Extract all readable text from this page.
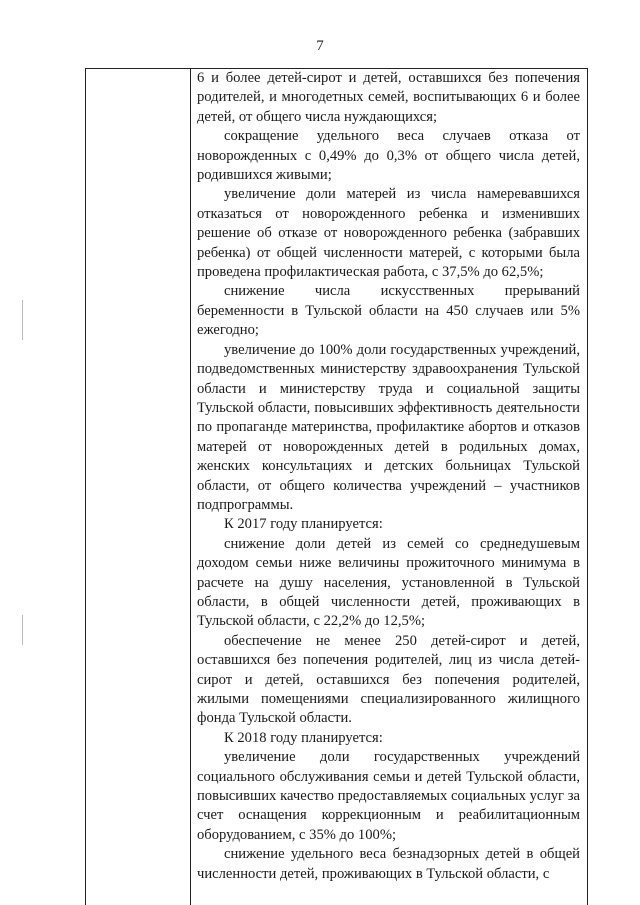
7

6 и более детей-сирот и детей, оставшихся без попечения родителей, и многодетных семей, воспитывающих 6 и более детей, от общего числа нуждающихся;

сокращение удельного веса случаев отказа от новорожденных с 0,49% до 0,3% от общего числа детей, родившихся живыми;

увеличение доли матерей из числа намеревавшихся отказаться от новорожденного ребенка и изменивших решение об отказе от новорожденного ребенка (забравших ребенка) от общей численности матерей, с которыми была проведена профилактическая работа, с 37,5% до 62,5%;

снижение числа искусственных прерываний беременности в Тульской области на 450 случаев или 5% ежегодно;

увеличение до 100% доли государственных учреждений, подведомственных министерству здравоохранения Тульской области и министерству труда и социальной защиты Тульской области, повысивших эффективность деятельности по пропаганде материнства, профилактике абортов и отказов матерей от новорожденных детей в родильных домах, женских консультациях и детских больницах Тульской области, от общего количества учреждений – участников подпрограммы.

К 2017 году планируется:

снижение доли детей из семей со среднедушевым доходом семьи ниже величины прожиточного минимума в расчете на душу населения, установленной в Тульской области, в общей численности детей, проживающих в Тульской области, с 22,2% до 12,5%;

обеспечение не менее 250 детей-сирот и детей, оставшихся без попечения родителей, лиц из числа детей-сирот и детей, оставшихся без попечения родителей, жилыми помещениями специализированного жилищного фонда Тульской области.

К 2018 году планируется:

увеличение доли государственных учреждений социального обслуживания семьи и детей Тульской области, повысивших качество предоставляемых социальных услуг за счет оснащения коррекционным и реабилитационным оборудованием, с 35% до 100%;

снижение удельного веса безнадзорных детей в общей численности детей, проживающих в Тульской области, с
